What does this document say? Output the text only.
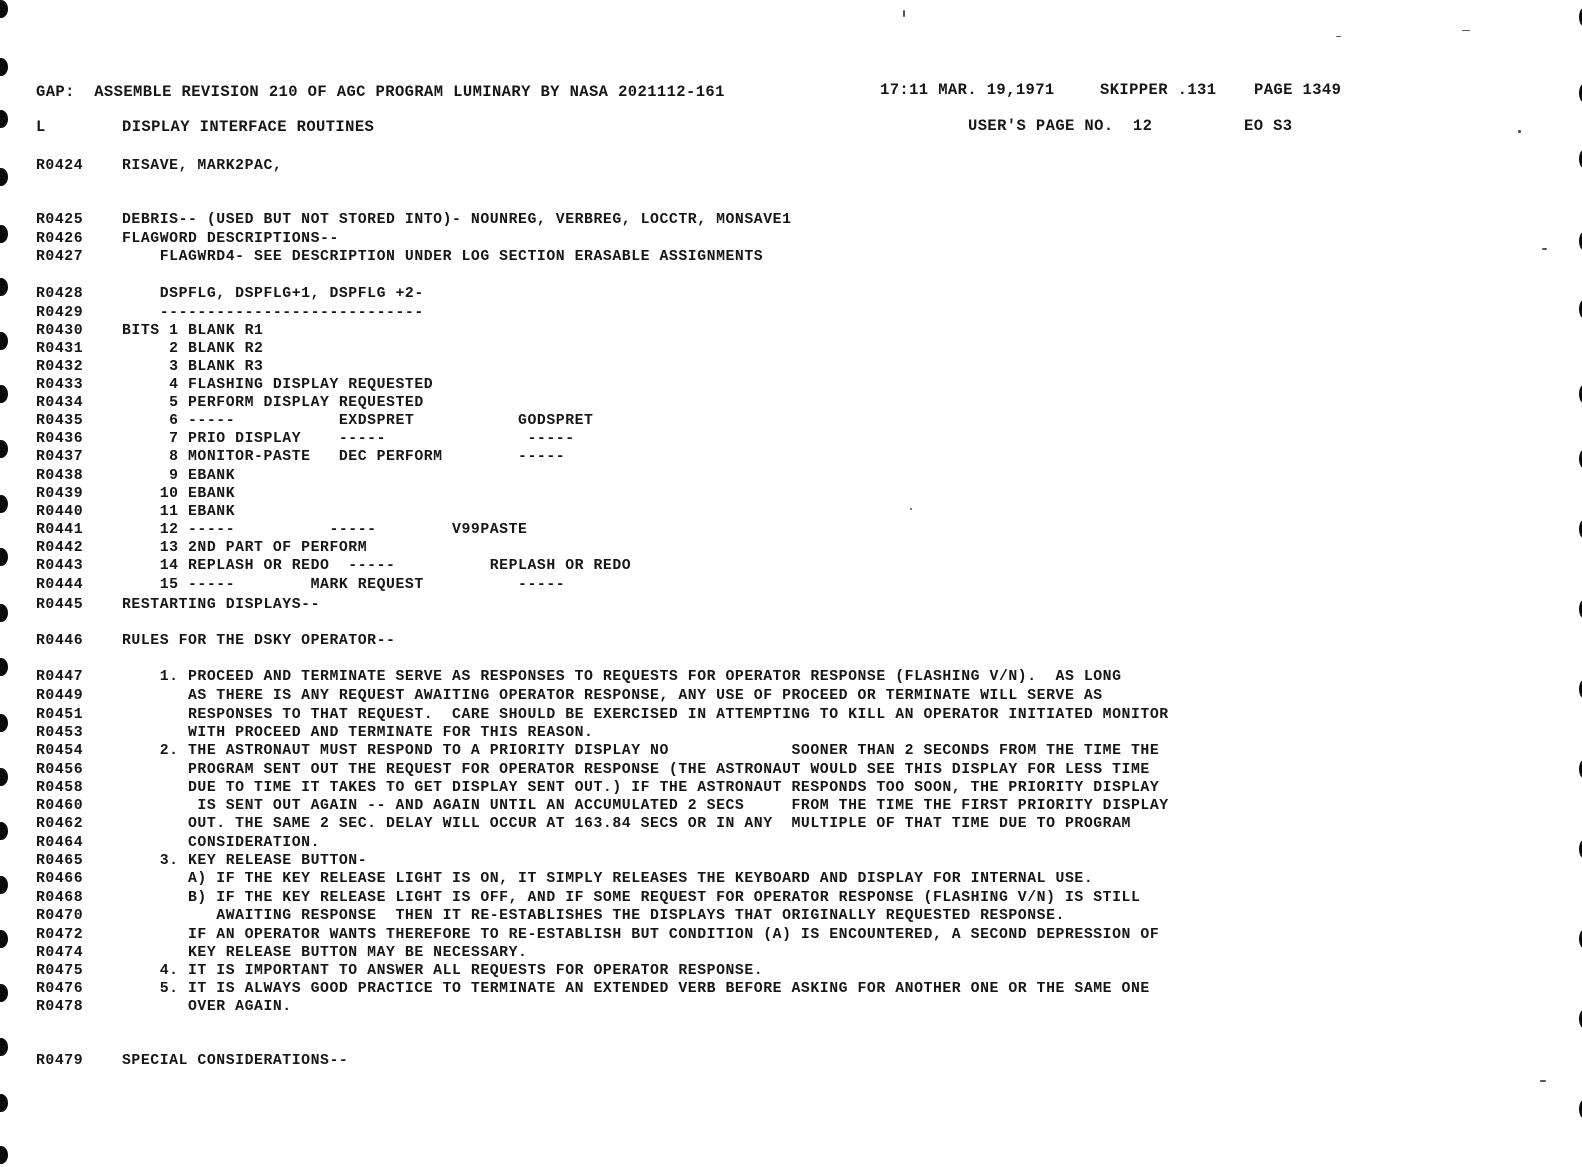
GAP:  ASSEMBLE REVISION 210 OF AGC PROGRAM LUMINARY BY NASA 2021112-161	17:11 MAR. 19,1971	SKIPPER .131 PAGE 1349
L	DISPLAY INTERFACE ROUTINES	USER'S PAGE NO.  12	EO S3
R0424	RISAVE, MARK2PAC,
R0425	DEBRIS-- (USED BUT NOT STORED INTO)- NOUNREG, VERBREG, LOCCTR, MONSAVE1
R0426	FLAGWORD DESCRIPTIONS--
R0427	FLAGWRD4- SEE DESCRIPTION UNDER LOG SECTION ERASABLE ASSIGNMENTS
R0428	DSPFLG, DSPFLG+1, DSPFLG +2-
R0429	----------------------------
R0430	BITS 1 BLANK R1
R0431	2 BLANK R2
R0432	3 BLANK R3
R0433	4 FLASHING DISPLAY REQUESTED
R0434	5 PERFORM DISPLAY REQUESTED
R0435	6 -----           EXDSPRET           GODSPRET
R0436	7 PRIO DISPLAY    -----               -----
R0437	8 MONITOR-PASTE   DEC PERFORM        -----
R0438	9 EBANK
R0439	10 EBANK
R0440	11 EBANK
R0441	12 -----          -----        V99PASTE
R0442	13 2ND PART OF PERFORM
R0443	14 REPLASH OR REDO  -----          REPLASH OR REDO
R0444	15 -----        MARK REQUEST          -----
R0445	RESTARTING DISPLAYS--
R0446	RULES FOR THE DSKY OPERATOR--
R0447	1. PROCEED AND TERMINATE SERVE AS RESPONSES TO REQUESTS FOR OPERATOR RESPONSE (FLASHING V/N).  AS LONG
R0449	AS THERE IS ANY REQUEST AWAITING OPERATOR RESPONSE, ANY USE OF PROCEED OR TERMINATE WILL SERVE AS
R0451	RESPONSES TO THAT REQUEST.  CARE SHOULD BE EXERCISED IN ATTEMPTING TO KILL AN OPERATOR INITIATED MONITOR
R0453	WITH PROCEED AND TERMINATE FOR THIS REASON.
R0454	2. THE ASTRONAUT MUST RESPOND TO A PRIORITY DISPLAY NO             SOONER THAN 2 SECONDS FROM THE TIME THE
R0456	PROGRAM SENT OUT THE REQUEST FOR OPERATOR RESPONSE (THE ASTRONAUT WOULD SEE THIS DISPLAY FOR LESS TIME
R0458	DUE TO TIME IT TAKES TO GET DISPLAY SENT OUT.) IF THE ASTRONAUT RESPONDS TOO SOON, THE PRIORITY DISPLAY
R0460	IS SENT OUT AGAIN -- AND AGAIN UNTIL AN ACCUMULATED 2 SECS     FROM THE TIME THE FIRST PRIORITY DISPLAY
R0462	OUT. THE SAME 2 SEC. DELAY WILL OCCUR AT 163.84 SECS OR IN ANY  MULTIPLE OF THAT TIME DUE TO PROGRAM
R0464	CONSIDERATION.
R0465	3. KEY RELEASE BUTTON-
R0466	A) IF THE KEY RELEASE LIGHT IS ON, IT SIMPLY RELEASES THE KEYBOARD AND DISPLAY FOR INTERNAL USE.
R0468	B) IF THE KEY RELEASE LIGHT IS OFF, AND IF SOME REQUEST FOR OPERATOR RESPONSE (FLASHING V/N) IS STILL
R0470	AWAITING RESPONSE  THEN IT RE-ESTABLISHES THE DISPLAYS THAT ORIGINALLY REQUESTED RESPONSE.
R0472	IF AN OPERATOR WANTS THEREFORE TO RE-ESTABLISH BUT CONDITION (A) IS ENCOUNTERED, A SECOND DEPRESSION OF
R0474	KEY RELEASE BUTTON MAY BE NECESSARY.
R0475	4. IT IS IMPORTANT TO ANSWER ALL REQUESTS FOR OPERATOR RESPONSE.
R0476	5. IT IS ALWAYS GOOD PRACTICE TO TERMINATE AN EXTENDED VERB BEFORE ASKING FOR ANOTHER ONE OR THE SAME ONE
R0478	OVER AGAIN.
R0479	SPECIAL CONSIDERATIONS--
